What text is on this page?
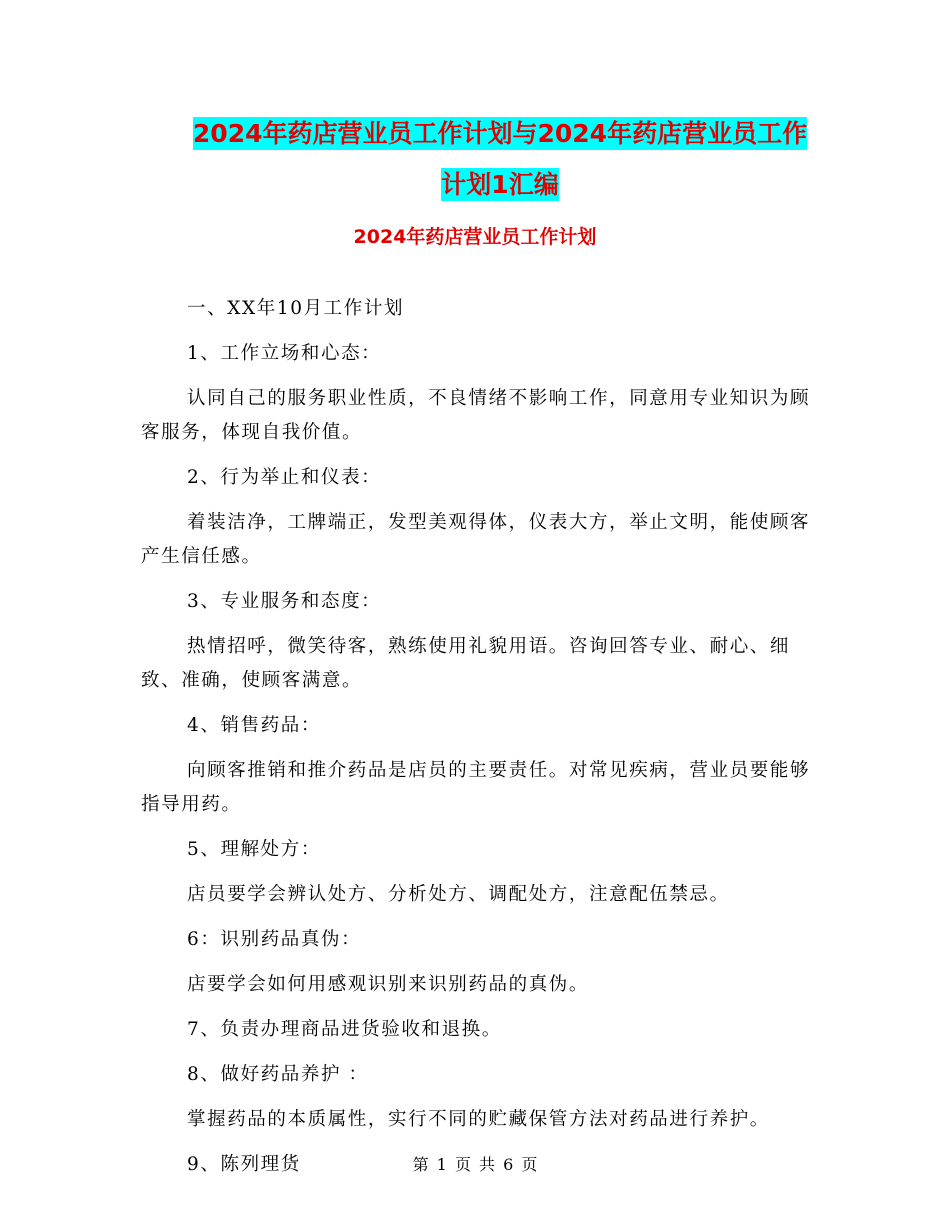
2024年药店营业员工作计划与2024年药店营业员工作
计划1汇编
2024年药店营业员工作计划

一、XX年10月工作计划

1、工作立场和心态：

认同自己的服务职业性质，不良情绪不影响工作，同意用专业知识为顾客服务，体现自我价值。

2、行为举止和仪表：

着装洁净，工牌端正，发型美观得体，仪表大方，举止文明，能使顾客产生信任感。

3、专业服务和态度：

热情招呼，微笑待客，熟练使用礼貌用语。咨询回答专业、耐心、细致、准确，使顾客满意。

4、销售药品：

向顾客推销和推介药品是店员的主要责任。对常见疾病，营业员要能够指导用药。

5、理解处方：

店员要学会辨认处方、分析处方、调配处方，注意配伍禁忌。

6：识别药品真伪：

店要学会如何用感观识别来识别药品的真伪。

7、负责办理商品进货验收和退换。

8、做好药品养护 ：

掌握药品的本质属性，实行不同的贮藏保管方法对药品进行养护。

9、陈列理货	第 1 页 共 6 页
